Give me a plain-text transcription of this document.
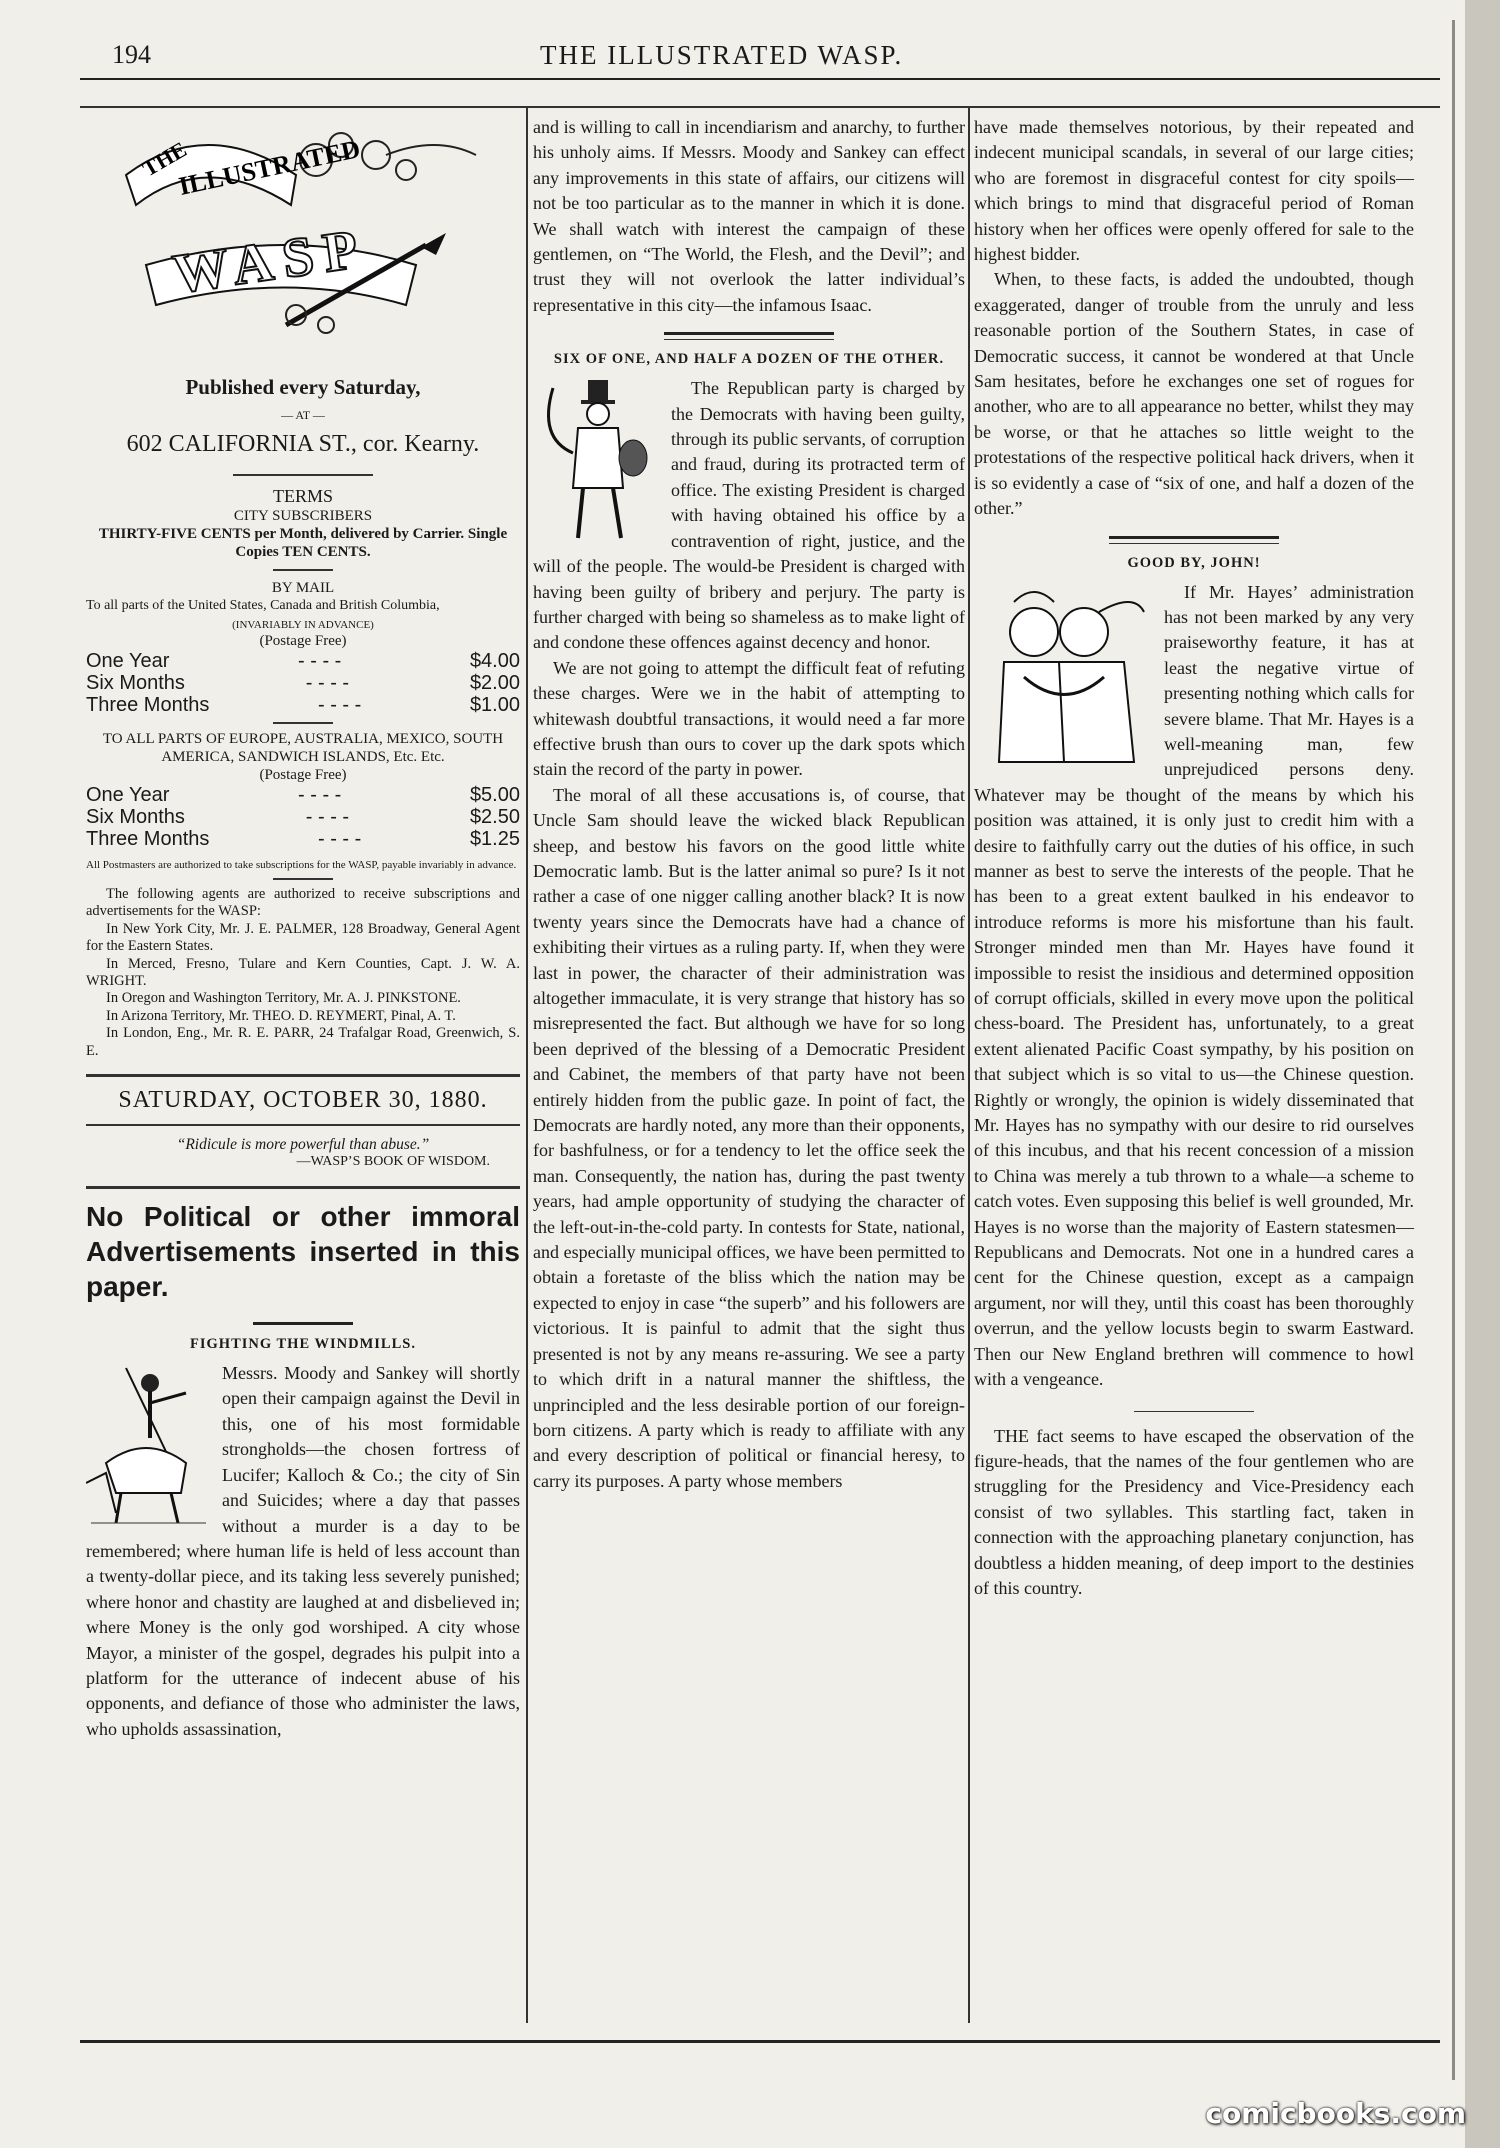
194	THE ILLUSTRATED WASP.
THE
ILLUSTRATED
WASP
Published every Saturday,
— AT —
602 CALIFORNIA ST., cor. Kearny.
TERMS
CITY SUBSCRIBERS
THIRTY-FIVE CENTS per Month, delivered by Carrier. Single Copies TEN CENTS.
BY MAIL
To all parts of the United States, Canada and British Columbia,
(INVARIABLY IN ADVANCE)
(Postage Free)
One Year	- - - -	$4.00
Six Months	- - - -	$2.00
Three Months	- - - -	$1.00
TO ALL PARTS OF EUROPE, AUSTRALIA, MEXICO, SOUTH AMERICA, SANDWICH ISLANDS, Etc. Etc.
(Postage Free)
One Year	- - - -	$5.00
Six Months	- - - -	$2.50
Three Months	- - - -	$1.25
All Postmasters are authorized to take subscriptions for the WASP, payable invariably in advance.
The following agents are authorized to receive subscriptions and advertisements for the WASP:
In New York City, Mr. J. E. PALMER, 128 Broadway, General Agent for the Eastern States.
In Merced, Fresno, Tulare and Kern Counties, Capt. J. W. A. WRIGHT.
In Oregon and Washington Territory, Mr. A. J. PINKSTONE.
In Arizona Territory, Mr. THEO. D. REYMERT, Pinal, A. T.
In London, Eng., Mr. R. E. PARR, 24 Trafalgar Road, Greenwich, S. E.
SATURDAY, OCTOBER 30, 1880.
“Ridicule is more powerful than abuse.”
—WASP’S BOOK OF WISDOM.
No Political or other immoral Advertisements inserted in this paper.
FIGHTING THE WINDMILLS.

Messrs. Moody and Sankey will shortly open their campaign against the Devil in this, one of his most formidable strongholds—the chosen fortress of Lucifer; Kalloch & Co.; the city of Sin and Suicides; where a day that passes without a murder is a day to be remembered; where human life is held of less account than a twenty-dollar piece, and its taking less severely punished; where honor and chastity are laughed at and disbelieved in; where Money is the only god worshiped. A city whose Mayor, a minister of the gospel, degrades his pulpit into a platform for the utterance of indecent abuse of his opponents, and defiance of those who administer the laws, who upholds assassination,

and is willing to call in incendiarism and anarchy, to further his unholy aims. If Messrs. Moody and Sankey can effect any improvements in this state of affairs, our citizens will not be too particular as to the manner in which it is done. We shall watch with interest the campaign of these gentlemen, on “The World, the Flesh, and the Devil”; and trust they will not overlook the latter individual’s representative in this city—the infamous Isaac.

SIX OF ONE, AND HALF A DOZEN OF THE OTHER.

The Republican party is charged by the Democrats with having been guilty, through its public servants, of corruption and fraud, during its protracted term of office. The existing President is charged with having obtained his office by a contravention of right, justice, and the will of the people. The would-be President is charged with having been guilty of bribery and perjury. The party is further charged with being so shameless as to make light of and condone these offences against decency and honor.

We are not going to attempt the difficult feat of refuting these charges. Were we in the habit of attempting to whitewash doubtful transactions, it would need a far more effective brush than ours to cover up the dark spots which stain the record of the party in power.

The moral of all these accusations is, of course, that Uncle Sam should leave the wicked black Republican sheep, and bestow his favors on the good little white Democratic lamb. But is the latter animal so pure? Is it not rather a case of one nigger calling another black? It is now twenty years since the Democrats have had a chance of exhibiting their virtues as a ruling party. If, when they were last in power, the character of their administration was altogether immaculate, it is very strange that history has so misrepresented the fact. But although we have for so long been deprived of the blessing of a Democratic President and Cabinet, the members of that party have not been entirely hidden from the public gaze. In point of fact, the Democrats are hardly noted, any more than their opponents, for bashfulness, or for a tendency to let the office seek the man. Consequently, the nation has, during the past twenty years, had ample opportunity of studying the character of the left-out-in-the-cold party. In contests for State, national, and especially municipal offices, we have been permitted to obtain a foretaste of the bliss which the nation may be expected to enjoy in case “the superb” and his followers are victorious. It is painful to admit that the sight thus presented is not by any means re-assuring. We see a party to which drift in a natural manner the shiftless, the unprincipled and the less desirable portion of our foreign-born citizens. A party which is ready to affiliate with any and every description of political or financial heresy, to carry its purposes. A party whose members

have made themselves notorious, by their repeated and indecent municipal scandals, in several of our large cities; who are foremost in disgraceful contest for city spoils—which brings to mind that disgraceful period of Roman history when her offices were openly offered for sale to the highest bidder.

When, to these facts, is added the undoubted, though exaggerated, danger of trouble from the unruly and less reasonable portion of the Southern States, in case of Democratic success, it cannot be wondered at that Uncle Sam hesitates, before he exchanges one set of rogues for another, who are to all appearance no better, whilst they may be worse, or that he attaches so little weight to the protestations of the respective political hack drivers, when it is so evidently a case of “six of one, and half a dozen of the other.”

GOOD BY, JOHN!

If Mr. Hayes’ administration has not been marked by any very praiseworthy feature, it has at least the negative virtue of presenting nothing which calls for severe blame. That Mr. Hayes is a well-meaning man, few unprejudiced persons deny. Whatever may be thought of the means by which his position was attained, it is only just to credit him with a desire to faithfully carry out the duties of his office, in such manner as best to serve the interests of the people. That he has been to a great extent baulked in his endeavor to introduce reforms is more his misfortune than his fault. Stronger minded men than Mr. Hayes have found it impossible to resist the insidious and determined opposition of corrupt officials, skilled in every move upon the political chess-board. The President has, unfortunately, to a great extent alienated Pacific Coast sympathy, by his position on that subject which is so vital to us—the Chinese question. Rightly or wrongly, the opinion is widely disseminated that Mr. Hayes has no sympathy with our desire to rid ourselves of this incubus, and that his recent concession of a mission to China was merely a tub thrown to a whale—a scheme to catch votes. Even supposing this belief is well grounded, Mr. Hayes is no worse than the majority of Eastern statesmen—Republicans and Democrats. Not one in a hundred cares a cent for the Chinese question, except as a campaign argument, nor will they, until this coast has been thoroughly overrun, and the yellow locusts begin to swarm Eastward. Then our New England brethren will commence to howl with a vengeance.

THE fact seems to have escaped the observation of the figure-heads, that the names of the four gentlemen who are struggling for the Presidency and Vice-Presidency each consist of two syllables. This startling fact, taken in connection with the approaching planetary conjunction, has doubtless a hidden meaning, of deep import to the destinies of this country.

comicbooks.com
